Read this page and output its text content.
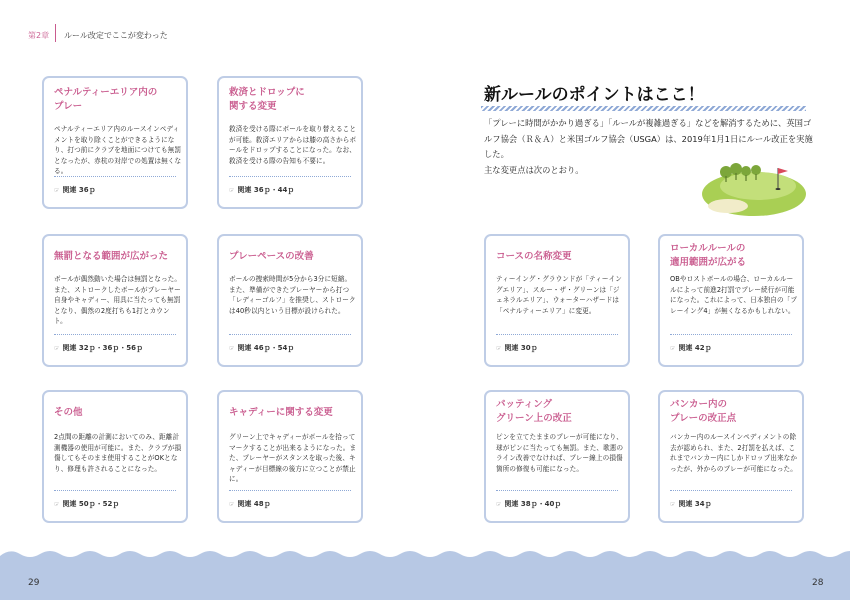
第2章 ルール改定でここが変わった
ペナルティーエリア内の
プレー
ペナルティーエリア内のルースインペディメントを取り除くことができるようになり、打つ前にクラブを地面につけても無罰となったが、赤杭の対岸での処置は無くなる。
☞ 関連 36ｐ
救済とドロップに
関する変更
救済を受ける際にボールを取り替えることが可能。救済エリアからは膝の高さからボールをドロップすることになった。なお、救済を受ける際の告知も不要に。
☞ 関連 36ｐ・44ｐ
無罰となる範囲が広がった
ボールが偶然動いた場合は無罰となった。また、ストロークしたボールがプレーヤー自身やキャディー、用具に当たっても無罰となり、偶然の2度打ちも1打とカウント。
☞ 関連 32ｐ・36ｐ・56ｐ
プレーペースの改善
ボールの捜索時間が5分から3分に短縮。また、準備ができたプレーヤーから打つ「レディーゴルフ」を推奨し、ストロークは40秒以内という目標が設けられた。
☞ 関連 46ｐ・54ｐ
その他
2点間の距離の計測においてのみ、距離計測機器の使用が可能に。また、クラブが損傷してもそのまま使用することがOKとなり、修理も許されることになった。
☞ 関連 50ｐ・52ｐ
キャディーに関する変更
グリーン上でキャディーがボールを拾ってマークすることが出来るようになった。また、プレーヤーがスタンスを取った後、キャディーが目標線の後方に立つことが禁止に。
☞ 関連 48ｐ
新ルールのポイントはここ！
「プレーに時間がかかり過ぎる」「ルールが複雑過ぎる」などを解消するために、英国ゴルフ協会（Ｒ＆Ａ）と米国ゴルフ協会（USGA）は、2019年1月1日にルール改正を実施した。
主な変更点は次のとおり。
コースの名称変更
ティーイング・グラウンドが「ティーイングエリア」、スルー・ザ・グリーンは「ジェネラルエリア」、ウォーターハザードは「ペナルティーエリア」に変更。
☞ 関連 30ｐ
ローカルルールの
適用範囲が広がる
OBやロストボールの場合、ローカルルールによって前進2打罰でプレー続行が可能になった。これによって、日本独自の「プレーイング4」が無くなるかもしれない。
☞ 関連 42ｐ
パッティング
グリーン上の改正
ピンを立てたままのプレーが可能になり、球がピンに当たっても無罰。また、歌悪のライン改善でなければ、プレー線上の損傷箇所の修復も可能になった。
☞ 関連 38ｐ・40ｐ
バンカー内の
プレーの改正点
バンカー内のルースインペディメントの除去が認められ、また、2打罰を払えば、これまでバンカー内にしかドロップ出来なかったが、外からのプレーが可能になった。
☞ 関連 34ｐ
29	28
